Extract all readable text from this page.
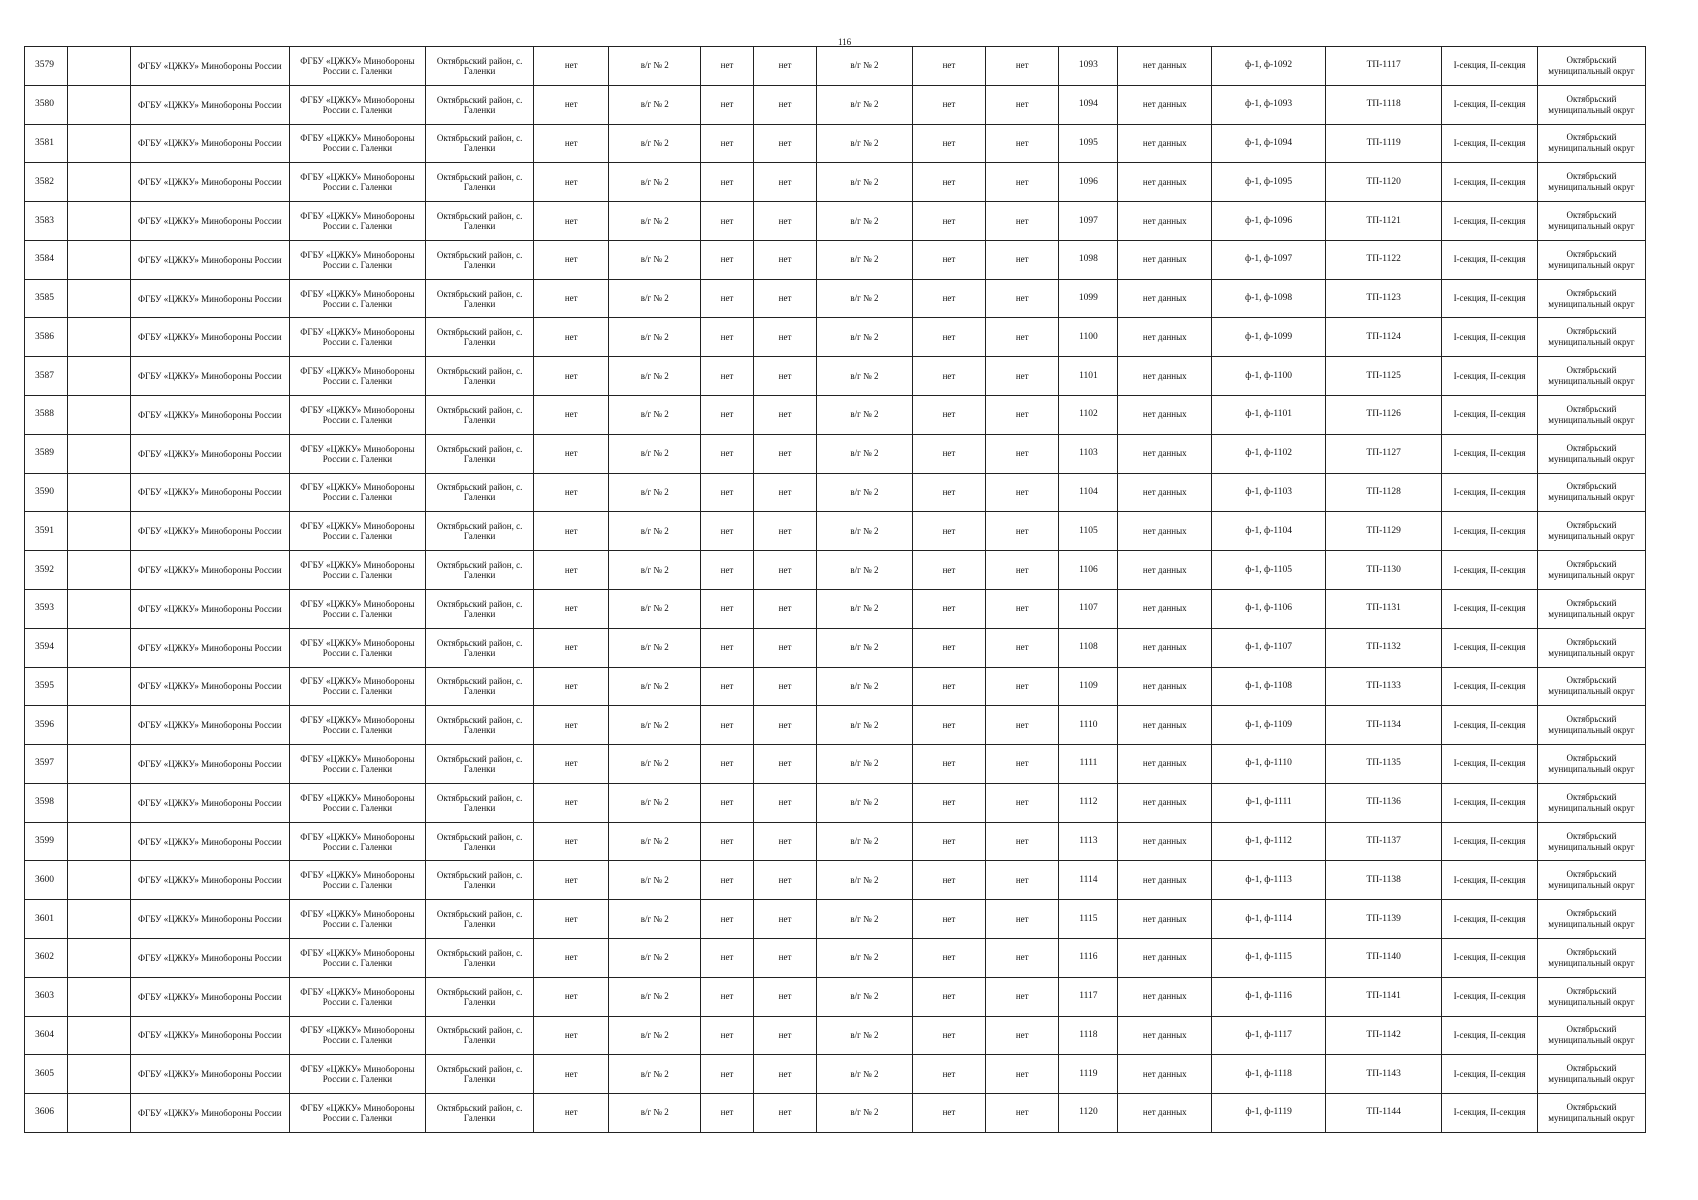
116
3579		ФГБУ «ЦЖКУ» Минобороны России	ФГБУ «ЦЖКУ» Минобороны России с. Галенки	Октябрьский район, с. Галенки	нет	в/г № 2	нет	нет	в/г № 2	нет	нет	1093	нет данных	ф-1, ф-1092	ТП-1117	I-секция, II-секция	Октябрьский муниципальный округ
3580		ФГБУ «ЦЖКУ» Минобороны России	ФГБУ «ЦЖКУ» Минобороны России с. Галенки	Октябрьский район, с. Галенки	нет	в/г № 2	нет	нет	в/г № 2	нет	нет	1094	нет данных	ф-1, ф-1093	ТП-1118	I-секция, II-секция	Октябрьский муниципальный округ
3581		ФГБУ «ЦЖКУ» Минобороны России	ФГБУ «ЦЖКУ» Минобороны России с. Галенки	Октябрьский район, с. Галенки	нет	в/г № 2	нет	нет	в/г № 2	нет	нет	1095	нет данных	ф-1, ф-1094	ТП-1119	I-секция, II-секция	Октябрьский муниципальный округ
3582		ФГБУ «ЦЖКУ» Минобороны России	ФГБУ «ЦЖКУ» Минобороны России с. Галенки	Октябрьский район, с. Галенки	нет	в/г № 2	нет	нет	в/г № 2	нет	нет	1096	нет данных	ф-1, ф-1095	ТП-1120	I-секция, II-секция	Октябрьский муниципальный округ
3583		ФГБУ «ЦЖКУ» Минобороны России	ФГБУ «ЦЖКУ» Минобороны России с. Галенки	Октябрьский район, с. Галенки	нет	в/г № 2	нет	нет	в/г № 2	нет	нет	1097	нет данных	ф-1, ф-1096	ТП-1121	I-секция, II-секция	Октябрьский муниципальный округ
3584		ФГБУ «ЦЖКУ» Минобороны России	ФГБУ «ЦЖКУ» Минобороны России с. Галенки	Октябрьский район, с. Галенки	нет	в/г № 2	нет	нет	в/г № 2	нет	нет	1098	нет данных	ф-1, ф-1097	ТП-1122	I-секция, II-секция	Октябрьский муниципальный округ
3585		ФГБУ «ЦЖКУ» Минобороны России	ФГБУ «ЦЖКУ» Минобороны России с. Галенки	Октябрьский район, с. Галенки	нет	в/г № 2	нет	нет	в/г № 2	нет	нет	1099	нет данных	ф-1, ф-1098	ТП-1123	I-секция, II-секция	Октябрьский муниципальный округ
3586		ФГБУ «ЦЖКУ» Минобороны России	ФГБУ «ЦЖКУ» Минобороны России с. Галенки	Октябрьский район, с. Галенки	нет	в/г № 2	нет	нет	в/г № 2	нет	нет	1100	нет данных	ф-1, ф-1099	ТП-1124	I-секция, II-секция	Октябрьский муниципальный округ
3587		ФГБУ «ЦЖКУ» Минобороны России	ФГБУ «ЦЖКУ» Минобороны России с. Галенки	Октябрьский район, с. Галенки	нет	в/г № 2	нет	нет	в/г № 2	нет	нет	1101	нет данных	ф-1, ф-1100	ТП-1125	I-секция, II-секция	Октябрьский муниципальный округ
3588		ФГБУ «ЦЖКУ» Минобороны России	ФГБУ «ЦЖКУ» Минобороны России с. Галенки	Октябрьский район, с. Галенки	нет	в/г № 2	нет	нет	в/г № 2	нет	нет	1102	нет данных	ф-1, ф-1101	ТП-1126	I-секция, II-секция	Октябрьский муниципальный округ
3589		ФГБУ «ЦЖКУ» Минобороны России	ФГБУ «ЦЖКУ» Минобороны России с. Галенки	Октябрьский район, с. Галенки	нет	в/г № 2	нет	нет	в/г № 2	нет	нет	1103	нет данных	ф-1, ф-1102	ТП-1127	I-секция, II-секция	Октябрьский муниципальный округ
3590		ФГБУ «ЦЖКУ» Минобороны России	ФГБУ «ЦЖКУ» Минобороны России с. Галенки	Октябрьский район, с. Галенки	нет	в/г № 2	нет	нет	в/г № 2	нет	нет	1104	нет данных	ф-1, ф-1103	ТП-1128	I-секция, II-секция	Октябрьский муниципальный округ
3591		ФГБУ «ЦЖКУ» Минобороны России	ФГБУ «ЦЖКУ» Минобороны России с. Галенки	Октябрьский район, с. Галенки	нет	в/г № 2	нет	нет	в/г № 2	нет	нет	1105	нет данных	ф-1, ф-1104	ТП-1129	I-секция, II-секция	Октябрьский муниципальный округ
3592		ФГБУ «ЦЖКУ» Минобороны России	ФГБУ «ЦЖКУ» Минобороны России с. Галенки	Октябрьский район, с. Галенки	нет	в/г № 2	нет	нет	в/г № 2	нет	нет	1106	нет данных	ф-1, ф-1105	ТП-1130	I-секция, II-секция	Октябрьский муниципальный округ
3593		ФГБУ «ЦЖКУ» Минобороны России	ФГБУ «ЦЖКУ» Минобороны России с. Галенки	Октябрьский район, с. Галенки	нет	в/г № 2	нет	нет	в/г № 2	нет	нет	1107	нет данных	ф-1, ф-1106	ТП-1131	I-секция, II-секция	Октябрьский муниципальный округ
3594		ФГБУ «ЦЖКУ» Минобороны России	ФГБУ «ЦЖКУ» Минобороны России с. Галенки	Октябрьский район, с. Галенки	нет	в/г № 2	нет	нет	в/г № 2	нет	нет	1108	нет данных	ф-1, ф-1107	ТП-1132	I-секция, II-секция	Октябрьский муниципальный округ
3595		ФГБУ «ЦЖКУ» Минобороны России	ФГБУ «ЦЖКУ» Минобороны России с. Галенки	Октябрьский район, с. Галенки	нет	в/г № 2	нет	нет	в/г № 2	нет	нет	1109	нет данных	ф-1, ф-1108	ТП-1133	I-секция, II-секция	Октябрьский муниципальный округ
3596		ФГБУ «ЦЖКУ» Минобороны России	ФГБУ «ЦЖКУ» Минобороны России с. Галенки	Октябрьский район, с. Галенки	нет	в/г № 2	нет	нет	в/г № 2	нет	нет	1110	нет данных	ф-1, ф-1109	ТП-1134	I-секция, II-секция	Октябрьский муниципальный округ
3597		ФГБУ «ЦЖКУ» Минобороны России	ФГБУ «ЦЖКУ» Минобороны России с. Галенки	Октябрьский район, с. Галенки	нет	в/г № 2	нет	нет	в/г № 2	нет	нет	1111	нет данных	ф-1, ф-1110	ТП-1135	I-секция, II-секция	Октябрьский муниципальный округ
3598		ФГБУ «ЦЖКУ» Минобороны России	ФГБУ «ЦЖКУ» Минобороны России с. Галенки	Октябрьский район, с. Галенки	нет	в/г № 2	нет	нет	в/г № 2	нет	нет	1112	нет данных	ф-1, ф-1111	ТП-1136	I-секция, II-секция	Октябрьский муниципальный округ
3599		ФГБУ «ЦЖКУ» Минобороны России	ФГБУ «ЦЖКУ» Минобороны России с. Галенки	Октябрьский район, с. Галенки	нет	в/г № 2	нет	нет	в/г № 2	нет	нет	1113	нет данных	ф-1, ф-1112	ТП-1137	I-секция, II-секция	Октябрьский муниципальный округ
3600		ФГБУ «ЦЖКУ» Минобороны России	ФГБУ «ЦЖКУ» Минобороны России с. Галенки	Октябрьский район, с. Галенки	нет	в/г № 2	нет	нет	в/г № 2	нет	нет	1114	нет данных	ф-1, ф-1113	ТП-1138	I-секция, II-секция	Октябрьский муниципальный округ
3601		ФГБУ «ЦЖКУ» Минобороны России	ФГБУ «ЦЖКУ» Минобороны России с. Галенки	Октябрьский район, с. Галенки	нет	в/г № 2	нет	нет	в/г № 2	нет	нет	1115	нет данных	ф-1, ф-1114	ТП-1139	I-секция, II-секция	Октябрьский муниципальный округ
3602		ФГБУ «ЦЖКУ» Минобороны России	ФГБУ «ЦЖКУ» Минобороны России с. Галенки	Октябрьский район, с. Галенки	нет	в/г № 2	нет	нет	в/г № 2	нет	нет	1116	нет данных	ф-1, ф-1115	ТП-1140	I-секция, II-секция	Октябрьский муниципальный округ
3603		ФГБУ «ЦЖКУ» Минобороны России	ФГБУ «ЦЖКУ» Минобороны России с. Галенки	Октябрьский район, с. Галенки	нет	в/г № 2	нет	нет	в/г № 2	нет	нет	1117	нет данных	ф-1, ф-1116	ТП-1141	I-секция, II-секция	Октябрьский муниципальный округ
3604		ФГБУ «ЦЖКУ» Минобороны России	ФГБУ «ЦЖКУ» Минобороны России с. Галенки	Октябрьский район, с. Галенки	нет	в/г № 2	нет	нет	в/г № 2	нет	нет	1118	нет данных	ф-1, ф-1117	ТП-1142	I-секция, II-секция	Октябрьский муниципальный округ
3605		ФГБУ «ЦЖКУ» Минобороны России	ФГБУ «ЦЖКУ» Минобороны России с. Галенки	Октябрьский район, с. Галенки	нет	в/г № 2	нет	нет	в/г № 2	нет	нет	1119	нет данных	ф-1, ф-1118	ТП-1143	I-секция, II-секция	Октябрьский муниципальный округ
3606		ФГБУ «ЦЖКУ» Минобороны России	ФГБУ «ЦЖКУ» Минобороны России с. Галенки	Октябрьский район, с. Галенки	нет	в/г № 2	нет	нет	в/г № 2	нет	нет	1120	нет данных	ф-1, ф-1119	ТП-1144	I-секция, II-секция	Октябрьский муниципальный округ
